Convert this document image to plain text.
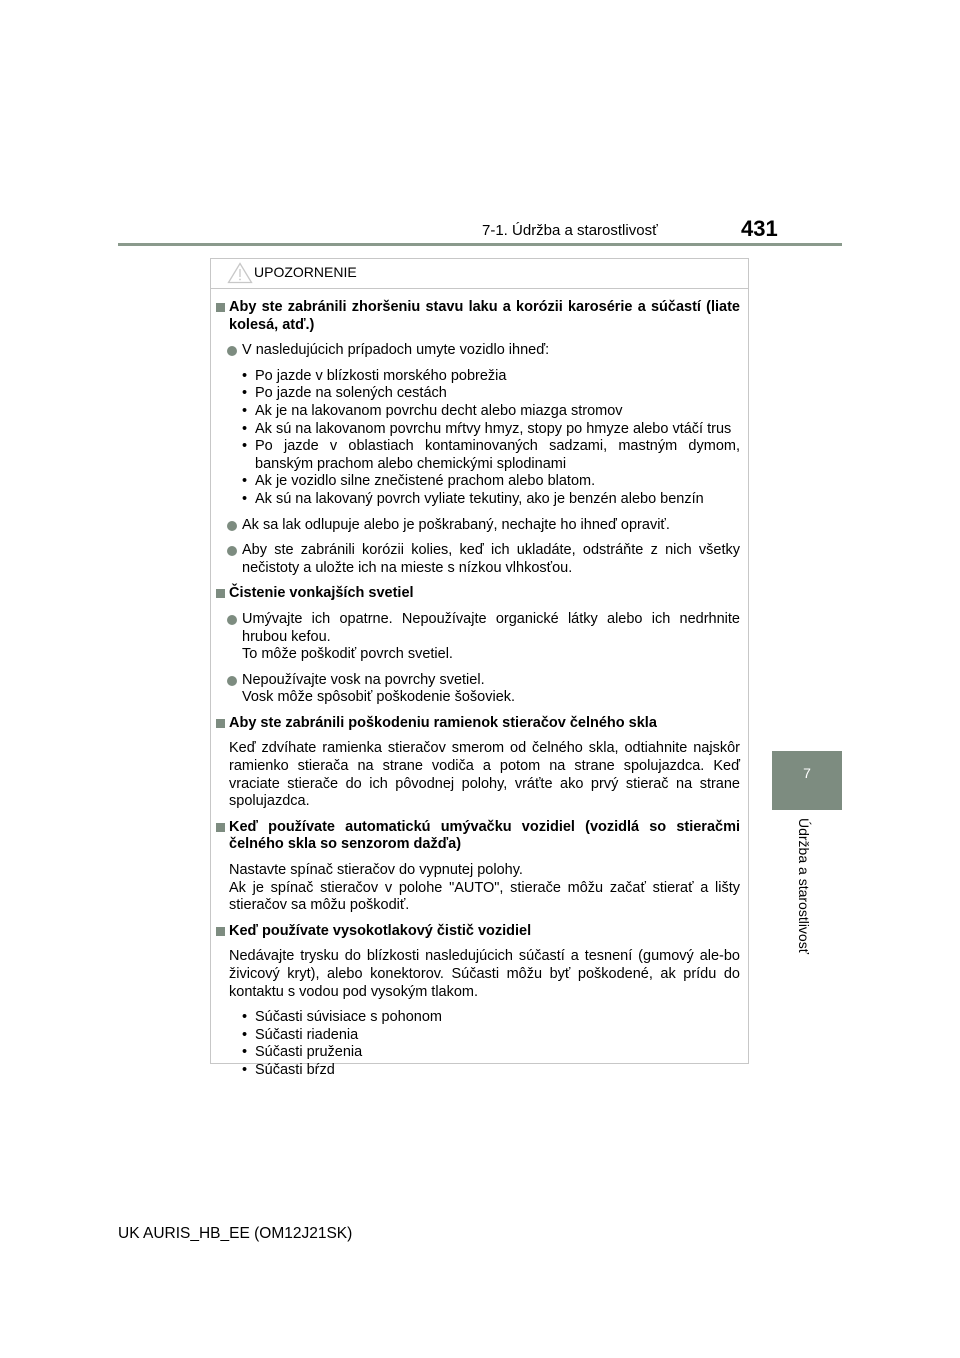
7-1. Údržba a starostlivosť	431
7
Údržba a starostlivosť
UPOZORNENIE
Aby ste zabránili zhoršeniu stavu laku a korózii karosérie a súčastí (liate kolesá, atď.)
V nasledujúcich prípadoch umyte vozidlo ihneď:
• Po jazde v blízkosti morského pobrežia
• Po jazde na solených cestách
• Ak je na lakovanom povrchu decht alebo miazga stromov
• Ak sú na lakovanom povrchu mŕtvy hmyz, stopy po hmyze alebo vtáčí trus
• Po jazde v oblastiach kontaminovaných sadzami, mastným dymom, banským prachom alebo chemickými splodinami
• Ak je vozidlo silne znečistené prachom alebo blatom.
• Ak sú na lakovaný povrch vyliate tekutiny, ako je benzén alebo benzín
Ak sa lak odlupuje alebo je poškrabaný, nechajte ho ihneď opraviť.
Aby ste zabránili korózii kolies, keď ich ukladáte, odstráňte z nich všetky nečistoty a uložte ich na mieste s nízkou vlhkosťou.
Čistenie vonkajších svetiel
Umývajte ich opatrne. Nepoužívajte organické látky alebo ich nedrhnite hrubou kefou.
To môže poškodiť povrch svetiel.
Nepoužívajte vosk na povrchy svetiel.
Vosk môže spôsobiť poškodenie šošoviek.
Aby ste zabránili poškodeniu ramienok stieračov čelného skla
Keď zdvíhate ramienka stieračov smerom od čelného skla, odtiahnite najskôr ramienko stierača na strane vodiča a potom na strane spolujazdca. Keď vraciate stierače do ich pôvodnej polohy, vráťte ako prvý stierač na strane spolujazdca.
Keď používate automatickú umývačku vozidiel (vozidlá so stieračmi čelného skla so senzorom dažďa)
Nastavte spínač stieračov do vypnutej polohy.
Ak je spínač stieračov v polohe "AUTO", stierače môžu začať stierať a lišty stieračov sa môžu poškodiť.
Keď používate vysokotlakový čistič vozidiel
Nedávajte trysku do blízkosti nasledujúcich súčastí a tesnení (gumový ale-bo živicový kryt), alebo konektorov. Súčasti môžu byť poškodené, ak prídu do kontaktu s vodou pod vysokým tlakom.
• Súčasti súvisiace s pohonom
• Súčasti riadenia
• Súčasti pruženia
• Súčasti bŕzd
UK AURIS_HB_EE (OM12J21SK)
